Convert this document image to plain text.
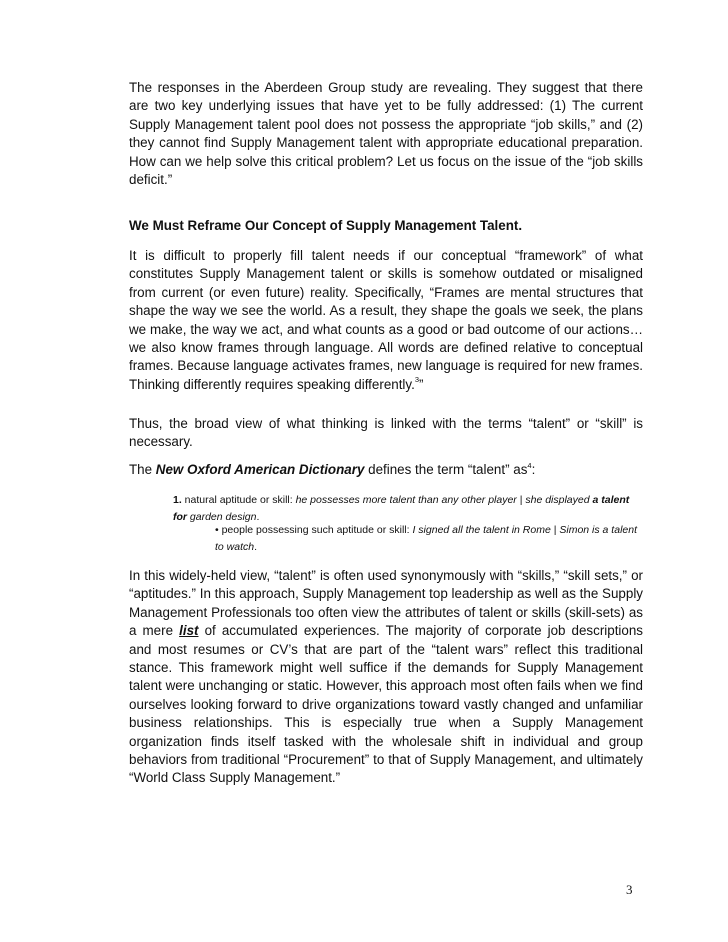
The responses in the Aberdeen Group study are revealing. They suggest that there are two key underlying issues that have yet to be fully addressed: (1) The current Supply Management talent pool does not possess the appropriate “job skills,” and (2) they cannot find Supply Management talent with appropriate educational preparation. How can we help solve this critical problem? Let us focus on the issue of the “job skills deficit.”

We Must Reframe Our Concept of Supply Management Talent.

It is difficult to properly fill talent needs if our conceptual “framework” of what constitutes Supply Management talent or skills is somehow outdated or misaligned from current (or even future) reality. Specifically, “Frames are mental structures that shape the way we see the world. As a result, they shape the goals we seek, the plans we make, the way we act, and what counts as a good or bad outcome of our actions…we also know frames through language. All words are defined relative to conceptual frames. Because language activates frames, new language is required for new frames. Thinking differently requires speaking differently.$^3$”

Thus, the broad view of what thinking is linked with the terms “talent” or “skill” is necessary.

The New Oxford American Dictionary defines the term “talent” $as^4$:

1. natural aptitude or skill: he possesses more talent than any other player | she displayed a talent for garden design.

• people possessing such aptitude or skill: I signed all the talent in Rome | Simon is a talent to watch.

In this widely-held view, “talent” is often used synonymously with “skills,” “skill sets,” or “aptitudes.” In this approach, Supply Management top leadership as well as the Supply Management Professionals too often view the attributes of talent or skills (skill-sets) as a mere list of accumulated experiences. The majority of corporate job descriptions and most resumes or CV’s that are part of the “talent wars” reflect this traditional stance. This framework might well suffice if the demands for Supply Management talent were unchanging or static. However, this approach most often fails when we find ourselves looking forward to drive organizations toward vastly changed and unfamiliar business relationships. This is especially true when a Supply Management organization finds itself tasked with the wholesale shift in individual and group behaviors from traditional “Procurement” to that of Supply Management, and ultimately “World Class Supply Management.”

3
